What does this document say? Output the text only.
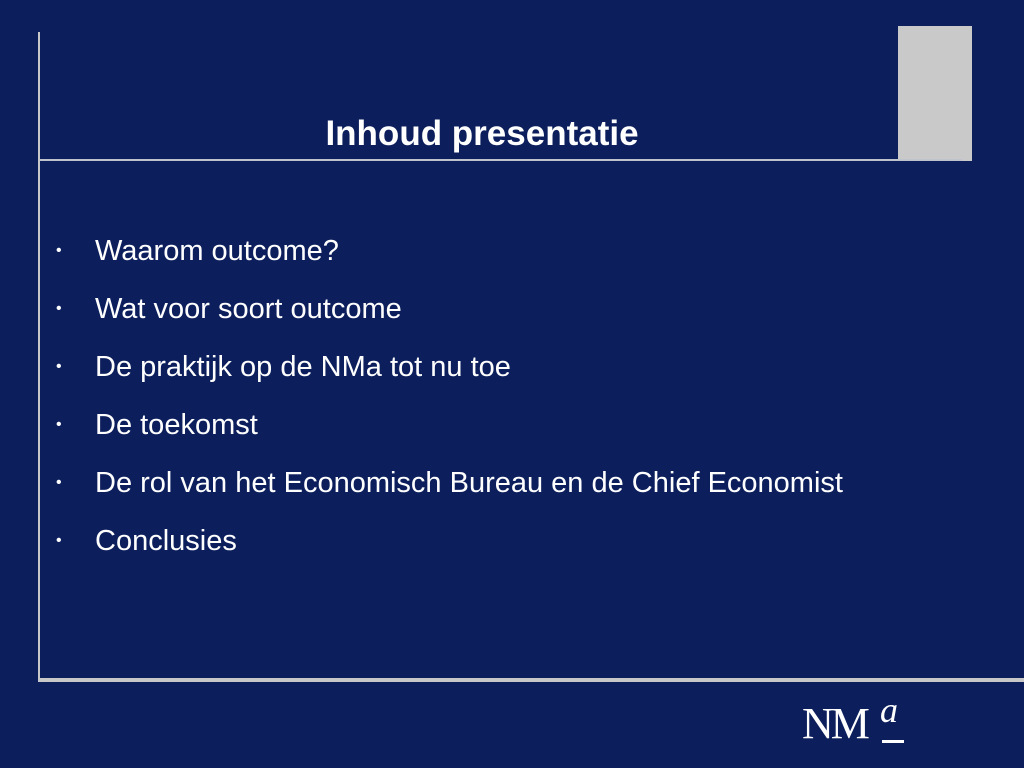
Inhoud presentatie
• Waarom outcome?
• Wat voor soort outcome
• De praktijk op de NMa tot nu toe
• De toekomst
• De rol van het Economisch Bureau en de Chief Economist
• Conclusies
NM a
